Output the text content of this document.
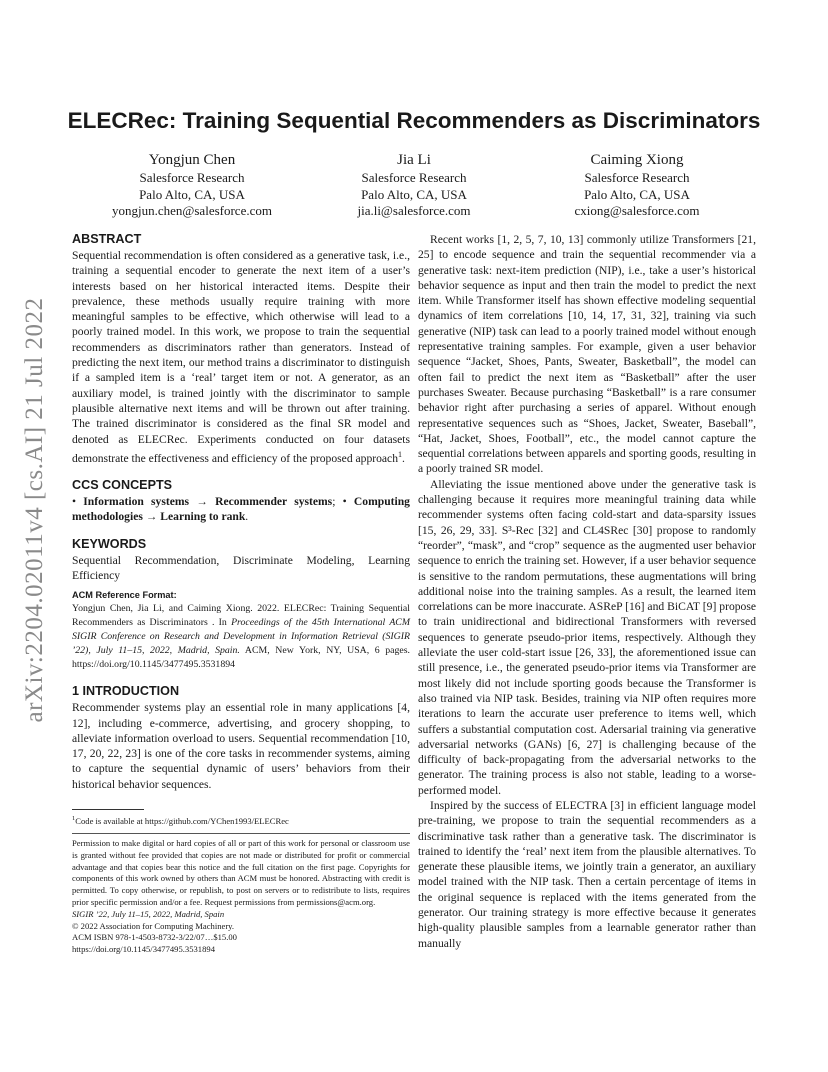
arXiv:2204.02011v4 [cs.AI] 21 Jul 2022
ELECRec: Training Sequential Recommenders as Discriminators
Yongjun Chen
Salesforce Research
Palo Alto, CA, USA
yongjun.chen@salesforce.com
Jia Li
Salesforce Research
Palo Alto, CA, USA
jia.li@salesforce.com
Caiming Xiong
Salesforce Research
Palo Alto, CA, USA
cxiong@salesforce.com
ABSTRACT

Sequential recommendation is often considered as a generative task, i.e., training a sequential encoder to generate the next item of a user’s interests based on her historical interacted items. Despite their prevalence, these methods usually require training with more meaningful samples to be effective, which otherwise will lead to a poorly trained model. In this work, we propose to train the sequential recommenders as discriminators rather than generators. Instead of predicting the next item, our method trains a discriminator to distinguish if a sampled item is a ‘real’ target item or not. A generator, as an auxiliary model, is trained jointly with the discriminator to sample plausible alternative next items and will be thrown out after training. The trained discriminator is considered as the final SR model and denoted as ELECRec. Experiments conducted on four datasets demonstrate the effectiveness and efficiency of the proposed approach$^1$.

CCS CONCEPTS

• Information systems → Recommender systems; • Computing methodologies → Learning to rank.

KEYWORDS

Sequential Recommendation, Discriminate Modeling, Learning Efficiency

ACM Reference Format:

Yongjun Chen, Jia Li, and Caiming Xiong. 2022. ELECRec: Training Sequential Recommenders as Discriminators . In Proceedings of the 45th International ACM SIGIR Conference on Research and Development in Information Retrieval (SIGIR ’22), July 11–15, 2022, Madrid, Spain. ACM, New York, NY, USA, 6 pages. https://doi.org/10.1145/3477495.3531894

1 INTRODUCTION

Recommender systems play an essential role in many applications [4, 12], including e-commerce, advertising, and grocery shopping, to alleviate information overload to users. Sequential recommendation [10, 17, 20, 22, 23] is one of the core tasks in recommender systems, aiming to capture the sequential dynamic of users’ behaviors from their historical behavior sequences.

$^1$Code is available at https://github.com/YChen1993/ELECRec
Permission to make digital or hard copies of all or part of this work for personal or classroom use is granted without fee provided that copies are not made or distributed for profit or commercial advantage and that copies bear this notice and the full citation on the first page. Copyrights for components of this work owned by others than ACM must be honored. Abstracting with credit is permitted. To copy otherwise, or republish, to post on servers or to redistribute to lists, requires prior specific permission and/or a fee. Request permissions from permissions@acm.org.
SIGIR ’22, July 11–15, 2022, Madrid, Spain
© 2022 Association for Computing Machinery.
ACM ISBN 978-1-4503-8732-3/22/07…$15.00
https://doi.org/10.1145/3477495.3531894

Recent works [1, 2, 5, 7, 10, 13] commonly utilize Transformers [21, 25] to encode sequence and train the sequential recommender via a generative task: next-item prediction (NIP), i.e., take a user’s historical behavior sequence as input and then train the model to predict the next item. While Transformer itself has shown effective modeling sequential dynamics of item correlations [10, 14, 17, 31, 32], training via such generative (NIP) task can lead to a poorly trained model without enough representative training samples. For example, given a user behavior sequence “Jacket, Shoes, Pants, Sweater, Basketball”, the model can often fail to predict the next item as “Basketball” after the user purchases Sweater. Because purchasing “Basketball” is a rare consumer behavior right after purchasing a series of apparel. Without enough representative sequences such as “Shoes, Jacket, Sweater, Baseball”, “Hat, Jacket, Shoes, Football”, etc., the model cannot capture the sequential correlations between apparels and sporting goods, resulting in a poorly trained SR model.

Alleviating the issue mentioned above under the generative task is challenging because it requires more meaningful training data while recommender systems often facing cold-start and data-sparsity issues [15, 26, 29, 33]. S³-Rec [32] and CL4SRec [30] propose to randomly “reorder”, “mask”, and “crop” sequence as the augmented user behavior sequence to enrich the training set. However, if a user behavior sequence is sensitive to the random permutations, these augmentations will bring additional noise into the training samples. As a result, the learned item correlations can be more inaccurate. ASReP [16] and BiCAT [9] propose to train unidirectional and bidirectional Transformers with reversed sequences to generate pseudo-prior items, respectively. Although they alleviate the user cold-start issue [26, 33], the aforementioned issue can still presence, i.e., the generated pseudo-prior items via Transformer are most likely did not include sporting goods because the Transformer is also trained via NIP task. Besides, training via NIP often requires more iterations to learn the accurate user preference to items well, which suffers a substantial computation cost. Adersarial training via generative adversarial networks (GANs) [6, 27] is challenging because of the difficulty of back-propagating from the adversarial networks to the generator. The training process is also not stable, leading to a worse-performed model.

Inspired by the success of ELECTRA [3] in efficient language model pre-training, we propose to train the sequential recommenders as a discriminative task rather than a generative task. The discriminator is trained to identify the ‘real’ next item from the plausible alternatives. To generate these plausible items, we jointly train a generator, an auxiliary model trained with the NIP task. Then a certain percentage of items in the original sequence is replaced with the items generated from the generator. Our training strategy is more effective because it generates high-quality plausible samples from a learnable generator rather than manually
